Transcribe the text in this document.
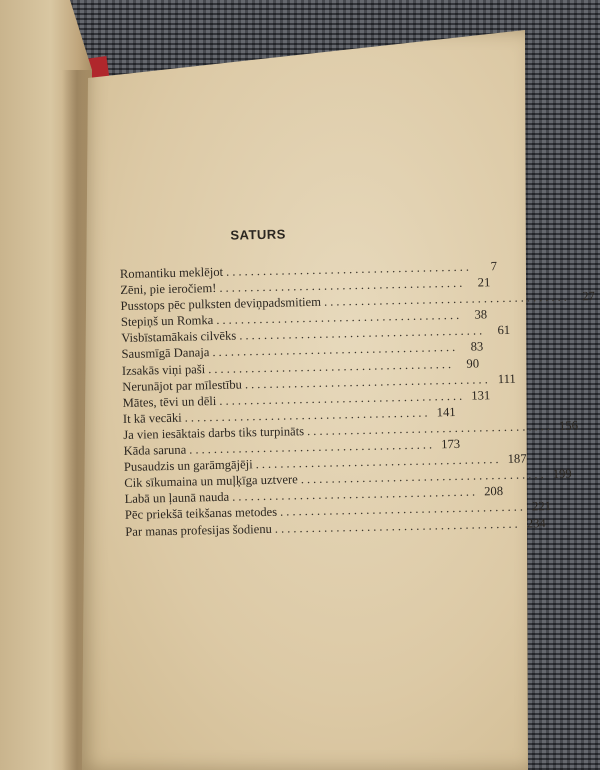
SATURS
Romantiku meklējot ........................................	7
Zēni, pie ieročiem! ........................................ 21
Pusstops pēc pulksten deviņpadsmitiem ........................................ 27
Stepiņš un Romka ........................................ 38
Visbīstamākais cilvēks ........................................ 61
Sausmīgā Danaja ........................................ 83
Izsakās viņi paši ........................................ 90
Nerunājot par mīlestību ........................................ 111
Mātes, tēvi un dēli ........................................ 131
It kā vecāki ........................................ 141
Ja vien iesāktais darbs tiks turpināts ........................................ 156
Kāda saruna ........................................ 173
Pusaudzis un garāmgājēji ........................................ 187
Cik sīkumaina un muļķīga uztvere ........................................ 199
Labā un ļaunā nauda ........................................ 208
Pēc priekšā teikšanas metodes ........................................ 221
Par manas profesijas šodienu ........................................ 234
